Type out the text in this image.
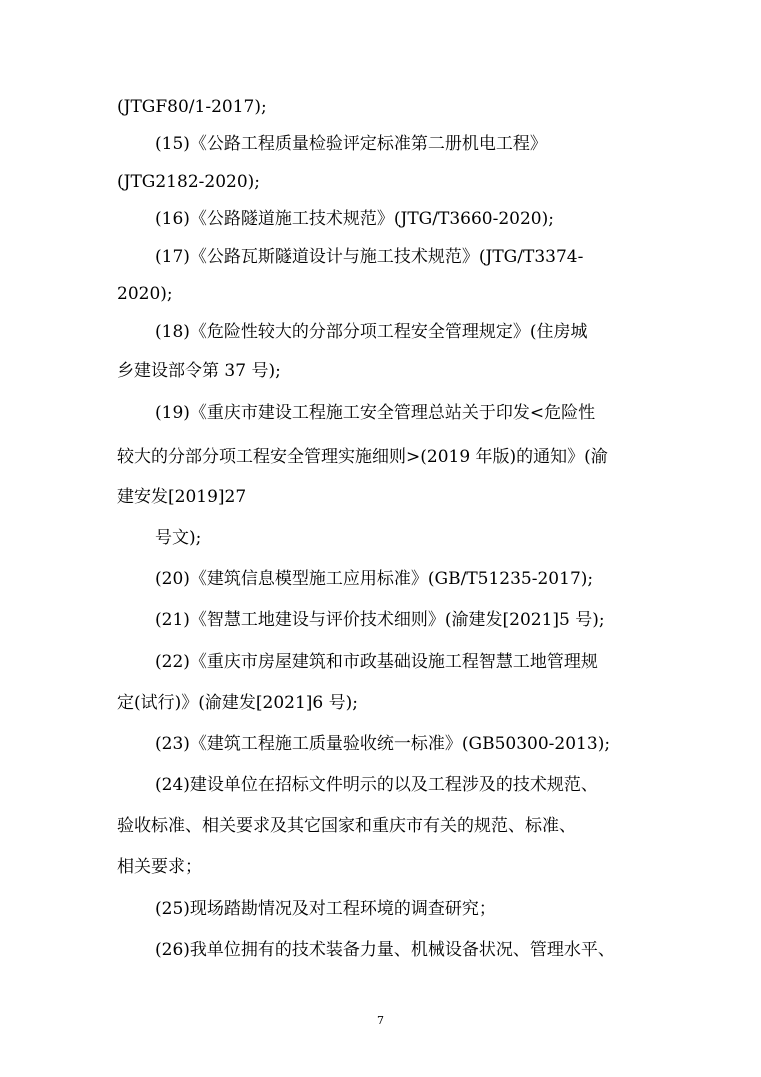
(JTGF80/1-2017);
(15)《公路工程质量检验评定标准第二册机电工程》
(JTG2182-2020);
(16)《公路隧道施工技术规范》(JTG/T3660-2020);
(17)《公路瓦斯隧道设计与施工技术规范》(JTG/T3374-
2020);
(18)《危险性较大的分部分项工程安全管理规定》(住房城
乡建设部令第 37 号);
(19)《重庆市建设工程施工安全管理总站关于印发<危险性
较大的分部分项工程安全管理实施细则>(2019 年版)的通知》(渝
建安发[2019]27
号文);
(20)《建筑信息模型施工应用标准》(GB/T51235-2017);
(21)《智慧工地建设与评价技术细则》(渝建发[2021]5 号);
(22)《重庆市房屋建筑和市政基础设施工程智慧工地管理规
定(试行)》(渝建发[2021]6 号);
(23)《建筑工程施工质量验收统一标准》(GB50300-2013);
(24)建设单位在招标文件明示的以及工程涉及的技术规范、
验收标准、相关要求及其它国家和重庆市有关的规范、标准、
相关要求；
(25)现场踏勘情况及对工程环境的调查研究；
(26)我单位拥有的技术装备力量、机械设备状况、管理水平、
7
